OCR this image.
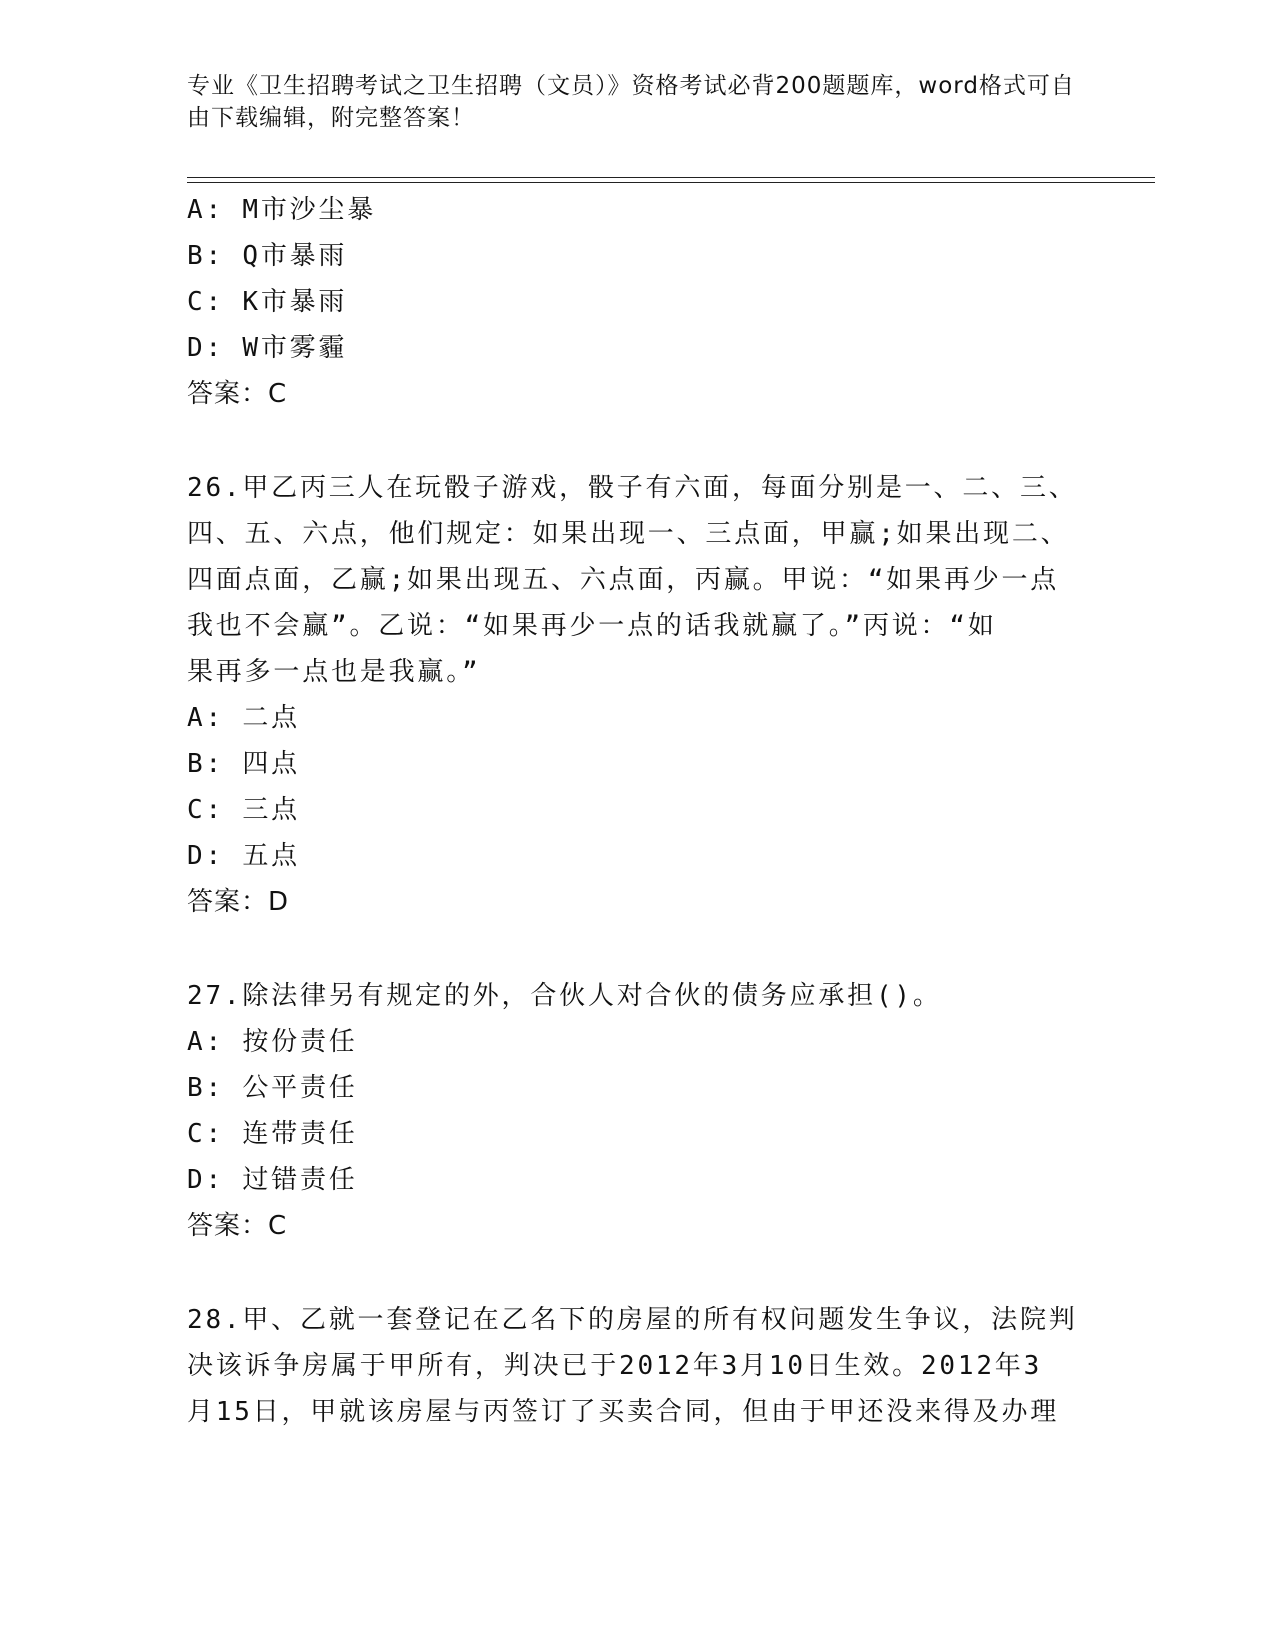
专业《卫生招聘考试之卫生招聘（文员）》资格考试必背200题题库，word格式可自由下载编辑，附完整答案！
A: M市沙尘暴
B: Q市暴雨
C: K市暴雨
D: W市雾霾
答案：C
26.甲乙丙三人在玩骰子游戏，骰子有六面，每面分别是一、二、三、
四、五、六点，他们规定：如果出现一、三点面，甲赢;如果出现二、
四面点面，乙赢;如果出现五、六点面，丙赢。甲说：“如果再少一点
我也不会赢”。乙说：“如果再少一点的话我就赢了。”丙说：“如
果再多一点也是我赢。”
A: 二点
B: 四点
C: 三点
D: 五点
答案：D
27.除法律另有规定的外，合伙人对合伙的债务应承担()。
A: 按份责任
B: 公平责任
C: 连带责任
D: 过错责任
答案：C
28.甲、乙就一套登记在乙名下的房屋的所有权问题发生争议，法院判
决该诉争房属于甲所有，判决已于2012年3月10日生效。2012年3
月15日，甲就该房屋与丙签订了买卖合同，但由于甲还没来得及办理
